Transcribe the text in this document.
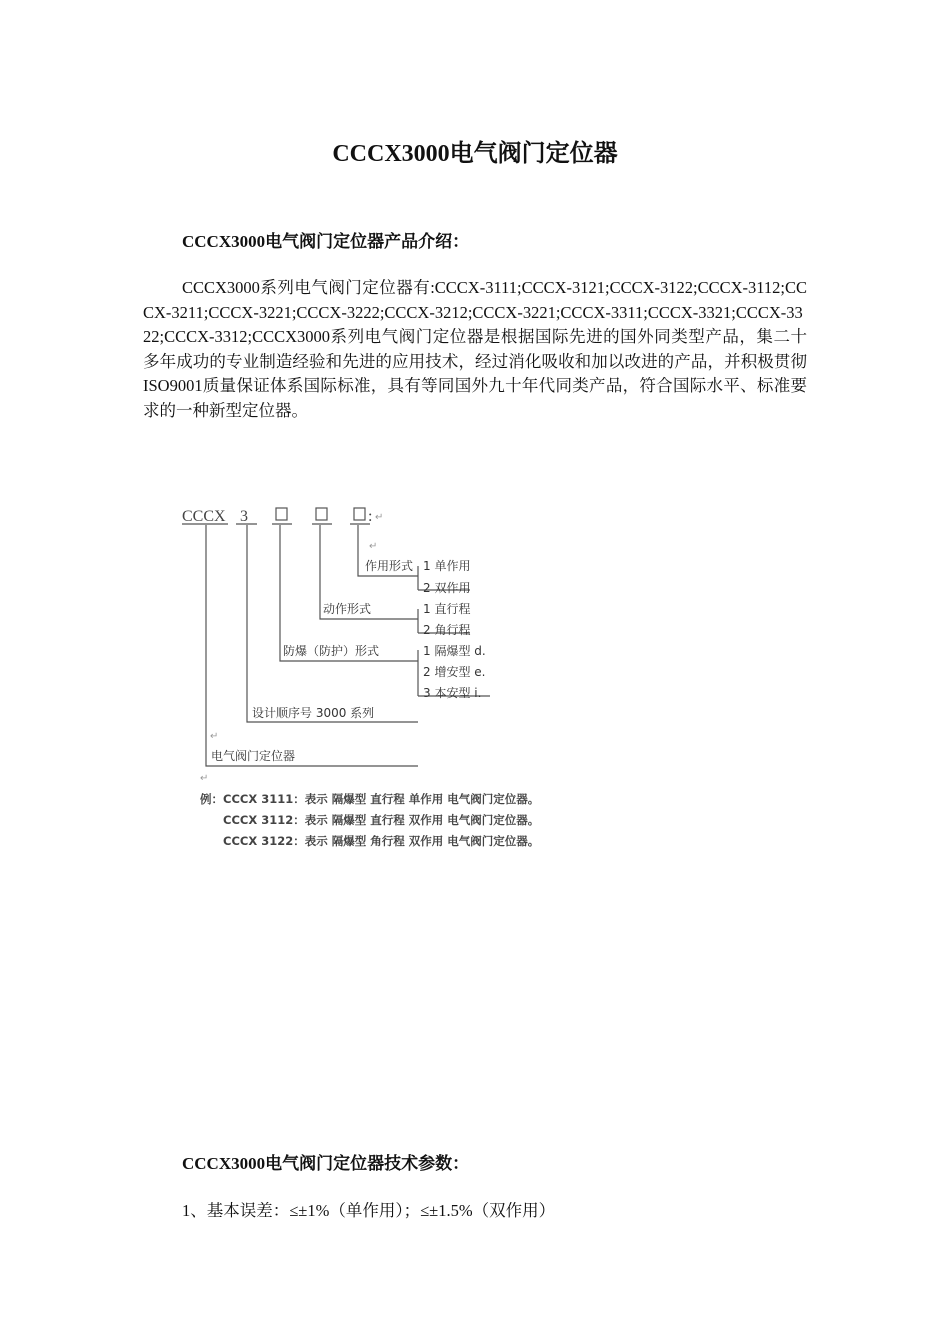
CCCX3000电气阀门定位器
CCCX3000电气阀门定位器产品介绍：

CCCX3000系列电气阀门定位器有:CCCX-3111;CCCX-3121;CCCX-3122;CCCX-3112;CCCX-3211;CCCX-3221;CCCX-3222;CCCX-3212;CCCX-3221;CCCX-3311;CCCX-3321;CCCX-3322;CCCX-3312;CCCX3000系列电气阀门定位器是根据国际先进的国外同类型产品，集二十多年成功的专业制造经验和先进的应用技术，经过消化吸收和加以改进的产品，并积极贯彻ISO9001质量保证体系国际标准，具有等同国外九十年代同类产品，符合国际水平、标准要求的一种新型定位器。

CCCX 3	: ↵
↵
作用形式 1 单作用
2 双作用
动作形式	1 直行程
2 角行程
防爆（防护）形式	1 隔爆型 d.
2 增安型 e.
3 本安型 i.
设计顺序号 3000 系列
↵
电气阀门定位器
↵
例：CCCX 3111：表示 隔爆型 直行程 单作用 电气阀门定位器。
CCCX 3112：表示 隔爆型 直行程 双作用 电气阀门定位器。
CCCX 3122：表示 隔爆型 角行程 双作用 电气阀门定位器。
CCCX3000电气阀门定位器技术参数：

1、基本误差：≤±1%（单作用）；≤±1.5%（双作用）
